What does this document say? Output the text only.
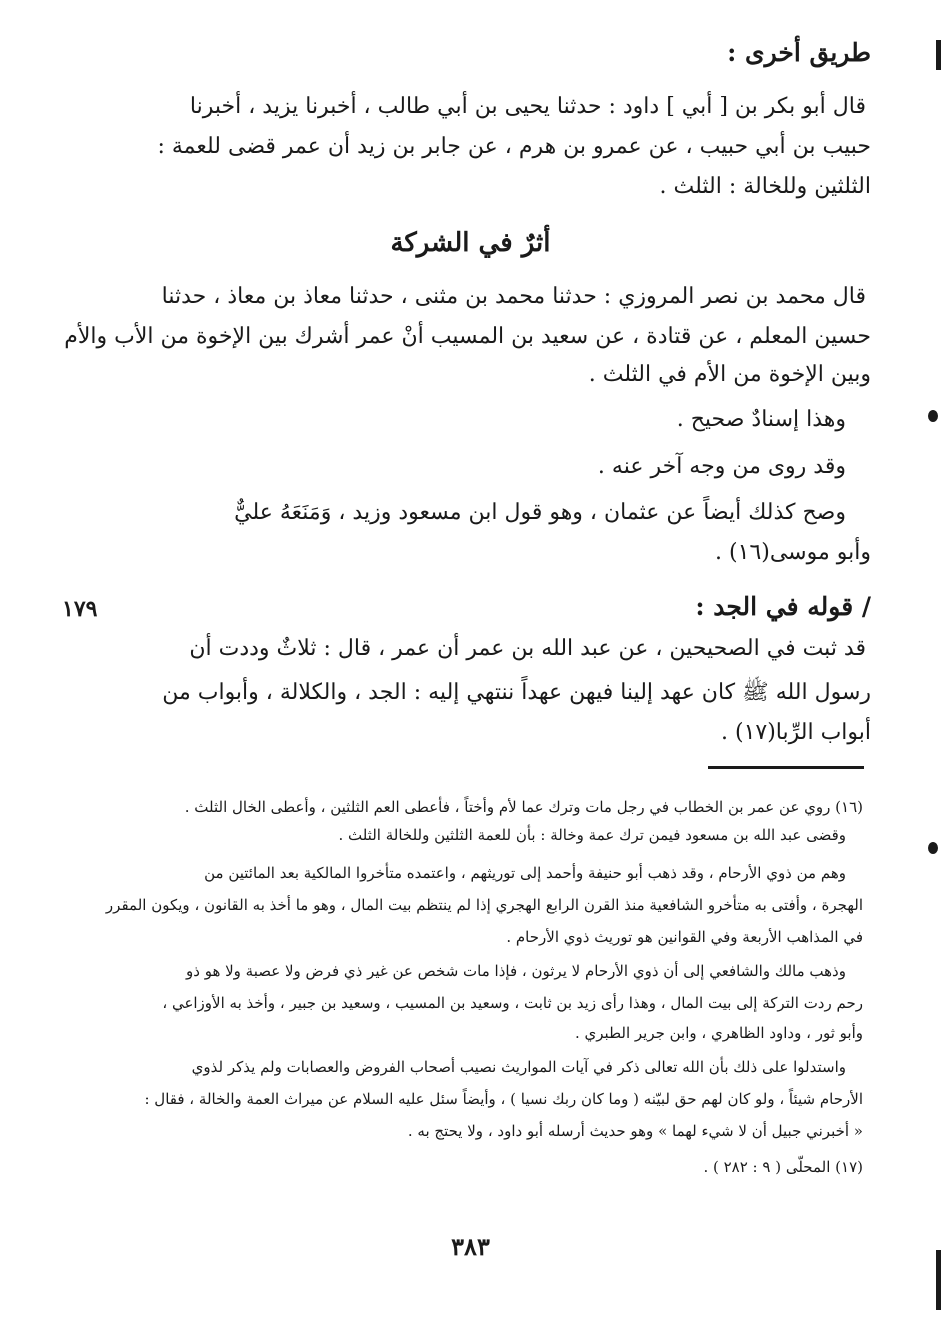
طريق أخرى :
قال أبو بكر بن [ أبي ] داود : حدثنا يحيى بن أبي طالب ، أخبرنا يزيد ، أخبرنا
حبيب بن أبي حبيب ، عن عمرو بن هرم ، عن جابر بن زيد أن عمر قضى للعمة :
الثلثين وللخالة : الثلث .
أثرٌ في الشركة
قال محمد بن نصر المروزي : حدثنا محمد بن مثنى ، حدثنا معاذ بن معاذ ، حدثنا
حسين المعلم ، عن قتادة ، عن سعيد بن المسيب أنْ عمر أشرك بين الإخوة من الأب والأم
وبين الإخوة من الأم في الثلث .
وهذا إسنادٌ صحيح .
وقد روى من وجه آخر عنه .
وصح كذلك أيضاً عن عثمان ، وهو قول ابن مسعود وزيد ، وَمَنَعَهُ عليٌّ
وأبو موسى(١٦) .
/ قوله في الجد :
١٧٩
قد ثبت في الصحيحين ، عن عبد الله بن عمر أن عمر ، قال : ثلاثٌ وددت أن
رسول الله ﷺ كان عهد إلينا فيهن عهداً ننتهي إليه : الجد ، والكلالة ، وأبواب من
أبواب الرِّبا(١٧) .
(١٦) روي عن عمر بن الخطاب في رجل مات وترك عما لأم وأختاً ، فأعطى العم الثلثين ، وأعطى الخال الثلث .
وقضى عبد الله بن مسعود فيمن ترك عمة وخالة : بأن للعمة الثلثين وللخالة الثلث .
وهم من ذوي الأرحام ، وقد ذهب أبو حنيفة وأحمد إلى توريثهم ، واعتمده متأخروا المالكية بعد المائتين من
الهجرة ، وأفتى به متأخرو الشافعية منذ القرن الرابع الهجري إذا لم ينتظم بيت المال ، وهو ما أخذ به القانون ، ويكون المقرر
في المذاهب الأربعة وفي القوانين هو توريث ذوي الأرحام .
وذهب مالك والشافعي إلى أن ذوي الأرحام لا يرثون ، فإذا مات شخص عن غير ذي فرض ولا عصبة ولا هو ذو
رحم ردت التركة إلى بيت المال ، وهذا رأى زيد بن ثابت ، وسعيد بن المسيب ، وسعيد بن جبير ، وأخذ به الأوزاعي ،
وأبو ثور ، وداود الظاهري ، وابن جرير الطبري .
واستدلوا على ذلك بأن الله تعالى ذكر في آيات المواريث نصيب أصحاب الفروض والعصابات ولم يذكر لذوي
الأرحام شيئاً ، ولو كان لهم حق لبيّنه ( وما كان ربك نسيا ) ، وأيضاً سئل عليه السلام عن ميراث العمة والخالة ، فقال :
« أخبرني جبيل أن لا شيء لهما » وهو حديث أرسله أبو داود ، ولا يحتج به .
(١٧) المحلّى ( ٩ : ٢٨٢ ) .
٣٨٣
